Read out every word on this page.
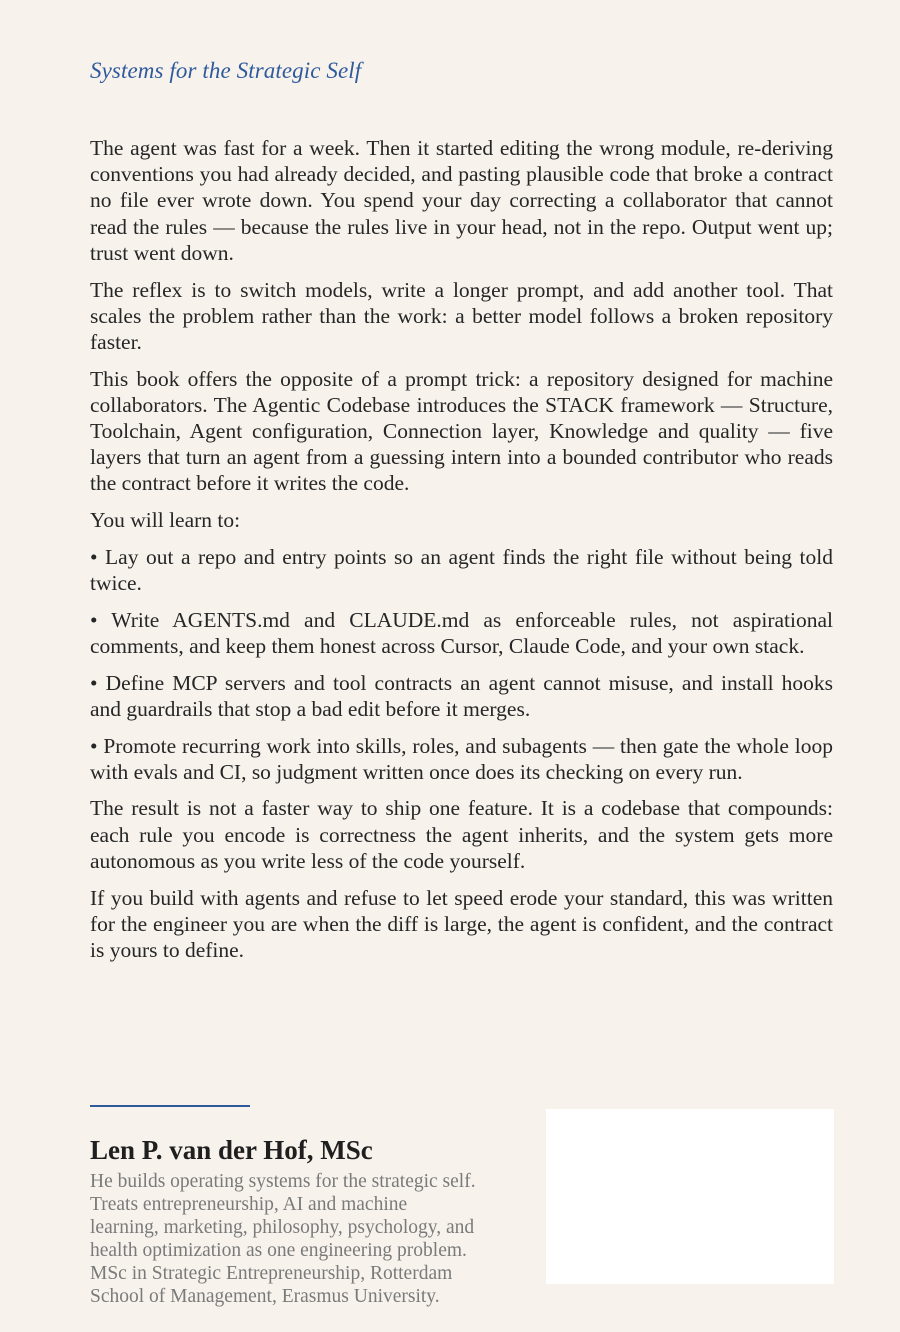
Systems for the Strategic Self

The agent was fast for a week. Then it started editing the wrong module, re-deriving conventions you had already decided, and pasting plausible code that broke a contract no file ever wrote down. You spend your day correcting a collaborator that cannot read the rules — because the rules live in your head, not in the repo. Output went up; trust went down.

The reflex is to switch models, write a longer prompt, and add another tool. That scales the problem rather than the work: a better model follows a broken repository faster.

This book offers the opposite of a prompt trick: a repository designed for machine collaborators. The Agentic Codebase introduces the STACK framework — Structure, Toolchain, Agent configuration, Connection layer, Knowledge and quality — five layers that turn an agent from a guessing intern into a bounded contributor who reads the contract before it writes the code.

You will learn to:

• Lay out a repo and entry points so an agent finds the right file without being told twice.

• Write AGENTS.md and CLAUDE.md as enforceable rules, not aspirational comments, and keep them honest across Cursor, Claude Code, and your own stack.

• Define MCP servers and tool contracts an agent cannot misuse, and install hooks and guardrails that stop a bad edit before it merges.

• Promote recurring work into skills, roles, and subagents — then gate the whole loop with evals and CI, so judgment written once does its checking on every run.

The result is not a faster way to ship one feature. It is a codebase that compounds: each rule you encode is correctness the agent inherits, and the system gets more autonomous as you write less of the code yourself.

If you build with agents and refuse to let speed erode your standard, this was written for the engineer you are when the diff is large, the agent is confident, and the contract is yours to define.

Len P. van der Hof, MSc
He builds operating systems for the strategic self.
Treats entrepreneurship, AI and machine
learning, marketing, philosophy, psychology, and
health optimization as one engineering problem.
MSc in Strategic Entrepreneurship, Rotterdam
School of Management, Erasmus University.
